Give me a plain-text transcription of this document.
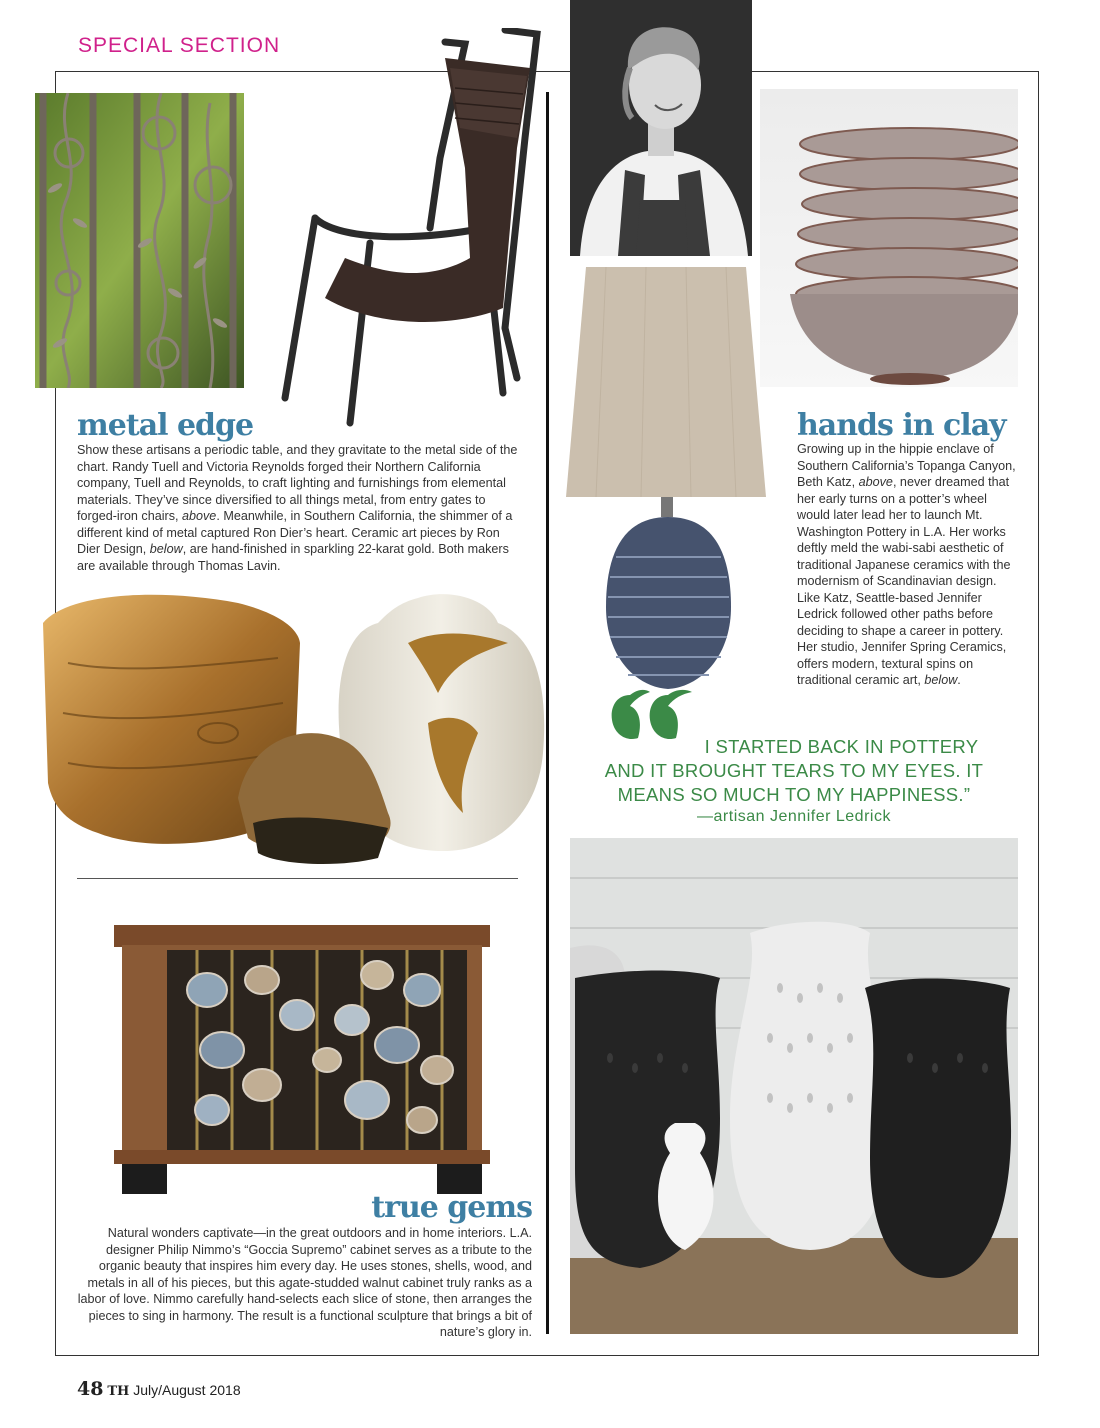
SPECIAL SECTION
metal edge

Show these artisans a periodic table, and they gravitate to the metal side of the chart. Randy Tuell and Victoria Reynolds forged their Northern California company, Tuell and Reynolds, to craft lighting and furnishings from elemental materials. They’ve since diversified to all things metal, from entry gates to forged-iron chairs, above. Meanwhile, in Southern California, the shimmer of a different kind of metal captured Ron Dier’s heart. Ceramic art pieces by Ron Dier Design, below, are hand-finished in sparkling 22-karat gold. Both makers are available through Thomas Lavin.

hands in clay

Growing up in the hippie enclave of Southern California’s Topanga Canyon, Beth Katz, above, never dreamed that her early turns on a potter’s wheel would later lead her to launch Mt. Washington Pottery in L.A. Her works deftly meld the wabi-sabi aesthetic of traditional Japanese ceramics with the modernism of Scandinavian design. Like Katz, Seattle-based Jennifer Ledrick followed other paths before deciding to shape a career in pottery. Her studio, Jennifer Spring Ceramics, offers modern, textural spins on traditional ceramic art, below.

I STARTED BACK IN POTTERY
AND IT BROUGHT TEARS TO MY EYES. IT
MEANS SO MUCH TO MY HAPPINESS.”

—artisan Jennifer Ledrick

true gems

Natural wonders captivate—in the great outdoors and in home interiors. L.A. designer Philip Nimmo’s “Goccia Supremo” cabinet serves as a tribute to the organic beauty that inspires him every day. He uses stones, shells, wood, and metals in all of his pieces, but this agate-studded walnut cabinet truly ranks as a labor of love. Nimmo carefully hand-selects each slice of stone, then arranges the pieces to sing in harmony. The result is a functional sculpture that brings a bit of nature’s glory in.

48 TH July/August 2018
